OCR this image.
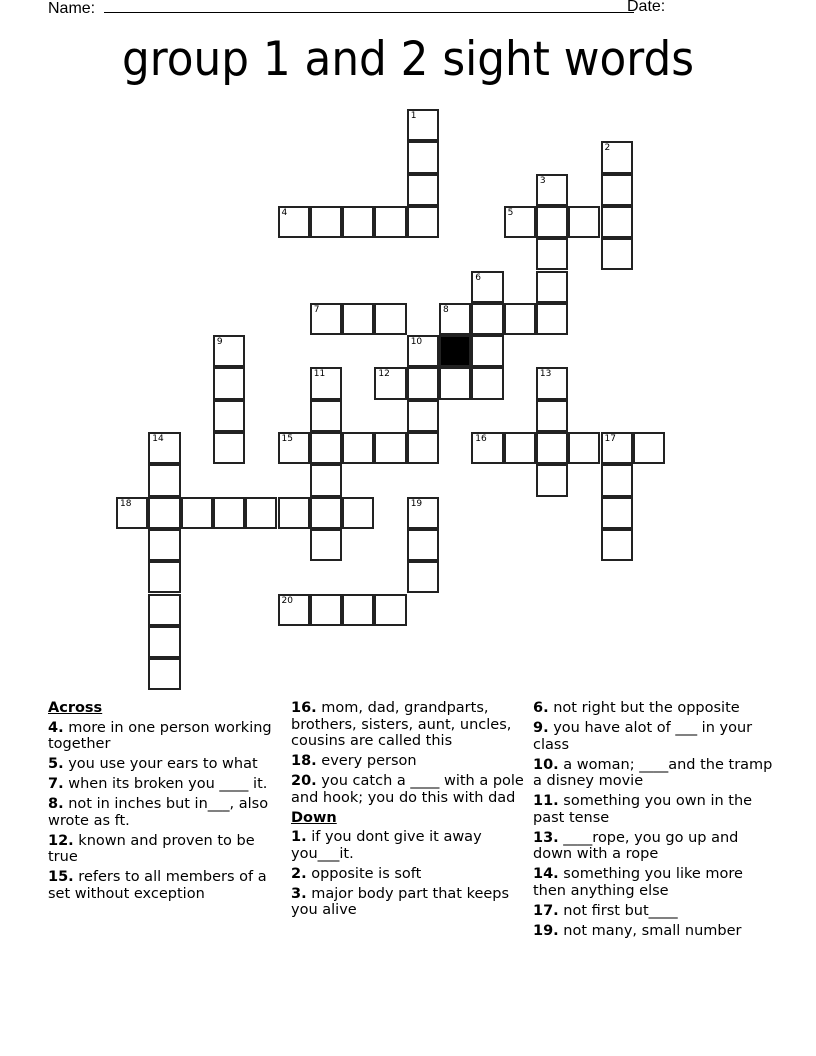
Name:	Date:
group 1 and 2 sight words
1
2
3
4	5
6
7	8
9	10
11	12	13
14	15	16	17
18	19
20
Across
4. more in one person working together
5. you use your ears to what
7. when its broken you ____ it.
8. not in inches but in___, also wrote as ft.
12. known and proven to be true
15. refers to all members of a set without exception
16. mom, dad, grandparts, brothers, sisters, aunt, uncles, cousins are called this
18. every person
20. you catch a ____ with a pole and hook; you do this with dad
Down
1. if you dont give it away you___it.
2. opposite is soft
3. major body part that keeps you alive
6. not right but the opposite
9. you have alot of ___ in your class
10. a woman; ____and the tramp a disney movie
11. something you own in the past tense
13. ____rope, you go up and down with a rope
14. something you like more then anything else
17. not first but____
19. not many, small number
